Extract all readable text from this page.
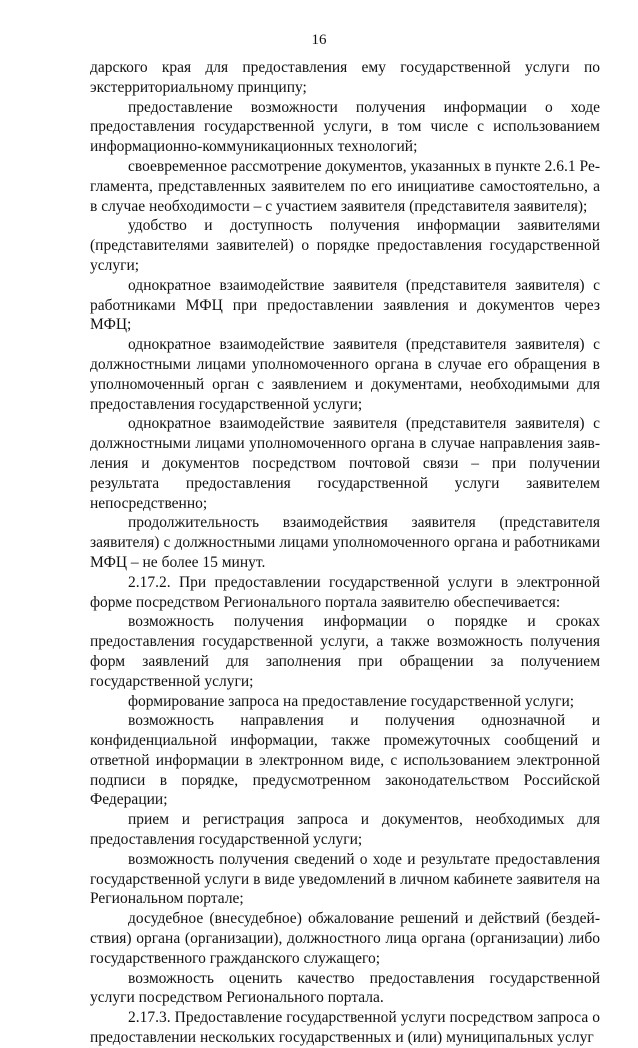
16

дарского края для предоставления ему государственной услуги по экстерриториальному принципу;

предоставление возможности получения информации о ходе предоставления государственной услуги, в том числе с использованием информационно-коммуникационных технологий;

своевременное рассмотрение документов, указанных в пункте 2.6.1 Регламента, представленных заявителем по его инициативе самостоятельно, а в случае необходимости – с участием заявителя (представителя заявителя);

удобство и доступность получения информации заявителями (представителями заявителей) о порядке предоставления государственной услуги;

однократное взаимодействие заявителя (представителя заявителя) с работниками МФЦ при предоставлении заявления и документов через МФЦ;

однократное взаимодействие заявителя (представителя заявителя) с должностными лицами уполномоченного органа в случае его обращения в уполномоченный орган с заявлением и документами, необходимыми для предоставления государственной услуги;

однократное взаимодействие заявителя (представителя заявителя) с должностными лицами уполномоченного органа в случае направления заявления и документов посредством почтовой связи – при получении результата предоставления государственной услуги заявителем непосредственно;

продолжительность взаимодействия заявителя (представителя заявителя) с должностными лицами уполномоченного органа и работниками МФЦ – не более 15 минут.

2.17.2. При предоставлении государственной услуги в электронной форме посредством Регионального портала заявителю обеспечивается:

возможность получения информации о порядке и сроках предоставления государственной услуги, а также возможность получения форм заявлений для заполнения при обращении за получением государственной услуги;

формирование запроса на предоставление государственной услуги;

возможность направления и получения однозначной и конфиденциальной информации, также промежуточных сообщений и ответной информации в электронном виде, с использованием электронной подписи в порядке, предусмотренном законодательством Российской Федерации;

прием и регистрация запроса и документов, необходимых для предоставления государственной услуги;

возможность получения сведений о ходе и результате предоставления государственной услуги в виде уведомлений в личном кабинете заявителя на Региональном портале;

досудебное (внесудебное) обжалование решений и действий (бездействия) органа (организации), должностного лица органа (организации) либо государственного гражданского служащего;

возможность оценить качество предоставления государственной услуги посредством Регионального портала.

2.17.3. Предоставление государственной услуги посредством запроса о предоставлении нескольких государственных и (или) муниципальных услуг
